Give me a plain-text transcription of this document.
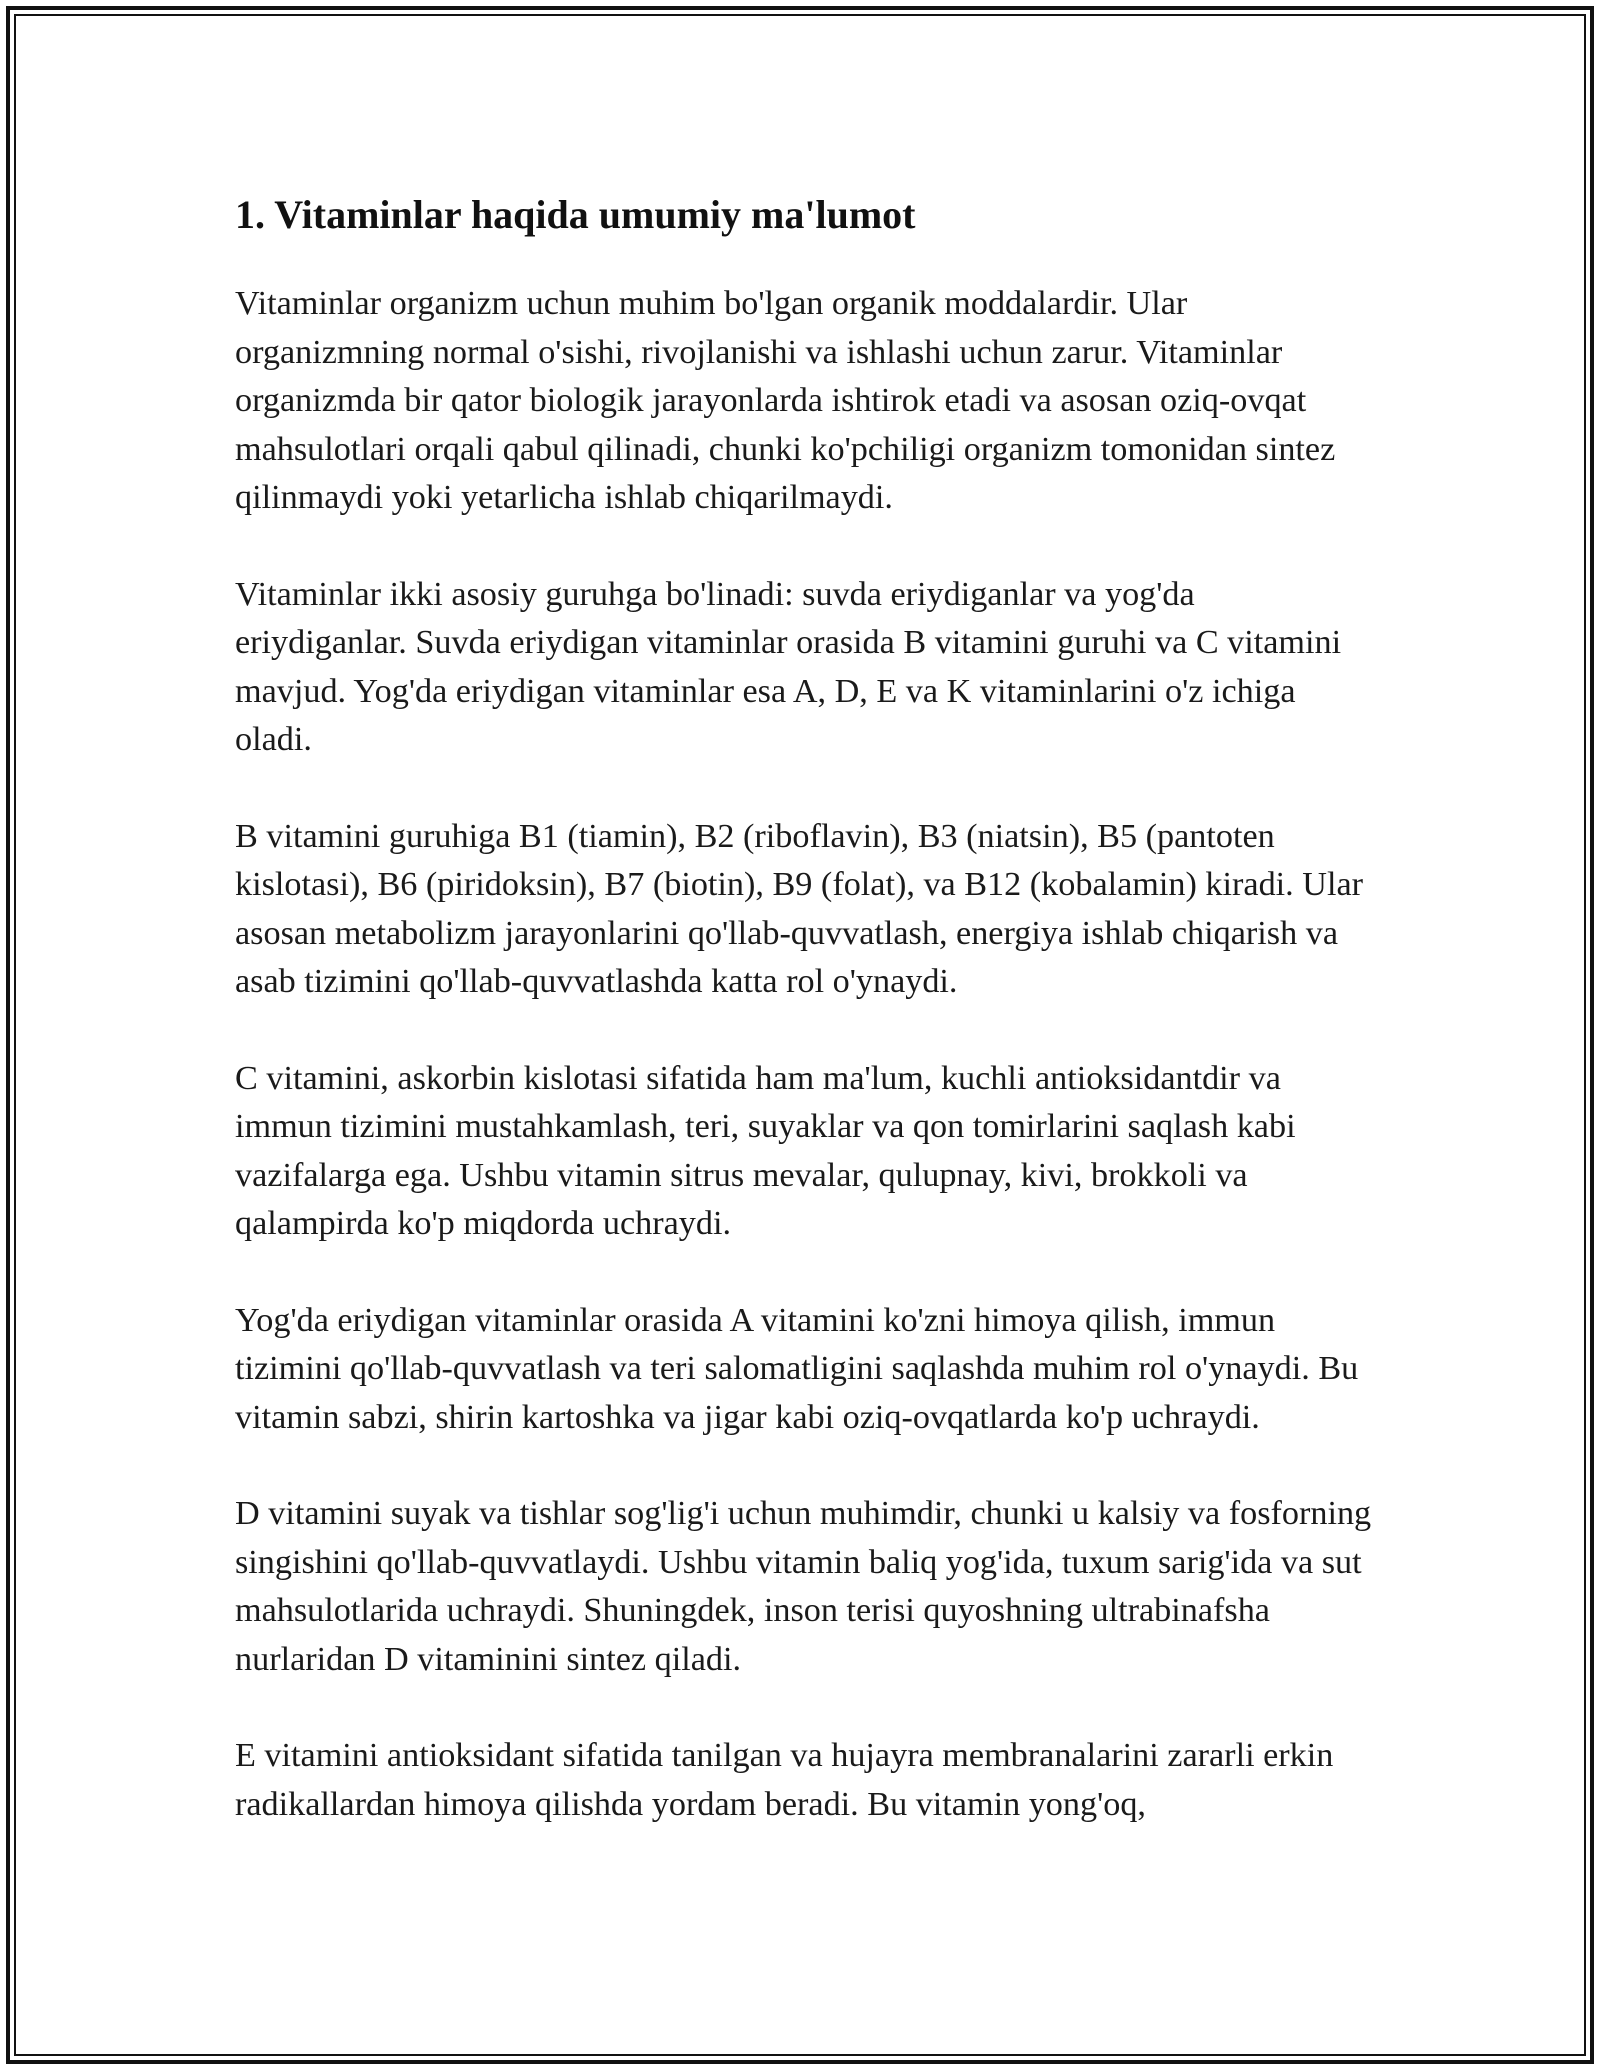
1. Vitaminlar haqida umumiy ma'lumot

Vitaminlar organizm uchun muhim bo'lgan organik moddalardir. Ular organizmning normal o'sishi, rivojlanishi va ishlashi uchun zarur. Vitaminlar organizmda bir qator biologik jarayonlarda ishtirok etadi va asosan oziq-ovqat mahsulotlari orqali qabul qilinadi, chunki ko'pchiligi organizm tomonidan sintez qilinmaydi yoki yetarlicha ishlab chiqarilmaydi.

Vitaminlar ikki asosiy guruhga bo'linadi: suvda eriydiganlar va yog'da eriydiganlar. Suvda eriydigan vitaminlar orasida B vitamini guruhi va C vitamini mavjud. Yog'da eriydigan vitaminlar esa A, D, E va K vitaminlarini o'z ichiga oladi.

B vitamini guruhiga B1 (tiamin), B2 (riboflavin), B3 (niatsin), B5 (pantoten kislotasi), B6 (piridoksin), B7 (biotin), B9 (folat), va B12 (kobalamin) kiradi. Ular asosan metabolizm jarayonlarini qo'llab-quvvatlash, energiya ishlab chiqarish va asab tizimini qo'llab-quvvatlashda katta rol o'ynaydi.

C vitamini, askorbin kislotasi sifatida ham ma'lum, kuchli antioksidantdir va immun tizimini mustahkamlash, teri, suyaklar va qon tomirlarini saqlash kabi vazifalarga ega. Ushbu vitamin sitrus mevalar, qulupnay, kivi, brokkoli va qalampirda ko'p miqdorda uchraydi.

Yog'da eriydigan vitaminlar orasida A vitamini ko'zni himoya qilish, immun tizimini qo'llab-quvvatlash va teri salomatligini saqlashda muhim rol o'ynaydi. Bu vitamin sabzi, shirin kartoshka va jigar kabi oziq-ovqatlarda ko'p uchraydi.

D vitamini suyak va tishlar sog'lig'i uchun muhimdir, chunki u kalsiy va fosforning singishini qo'llab-quvvatlaydi. Ushbu vitamin baliq yog'ida, tuxum sarig'ida va sut mahsulotlarida uchraydi. Shuningdek, inson terisi quyoshning ultrabinafsha nurlaridan D vitaminini sintez qiladi.

E vitamini antioksidant sifatida tanilgan va hujayra membranalarini zararli erkin radikallardan himoya qilishda yordam beradi. Bu vitamin yong'oq,
